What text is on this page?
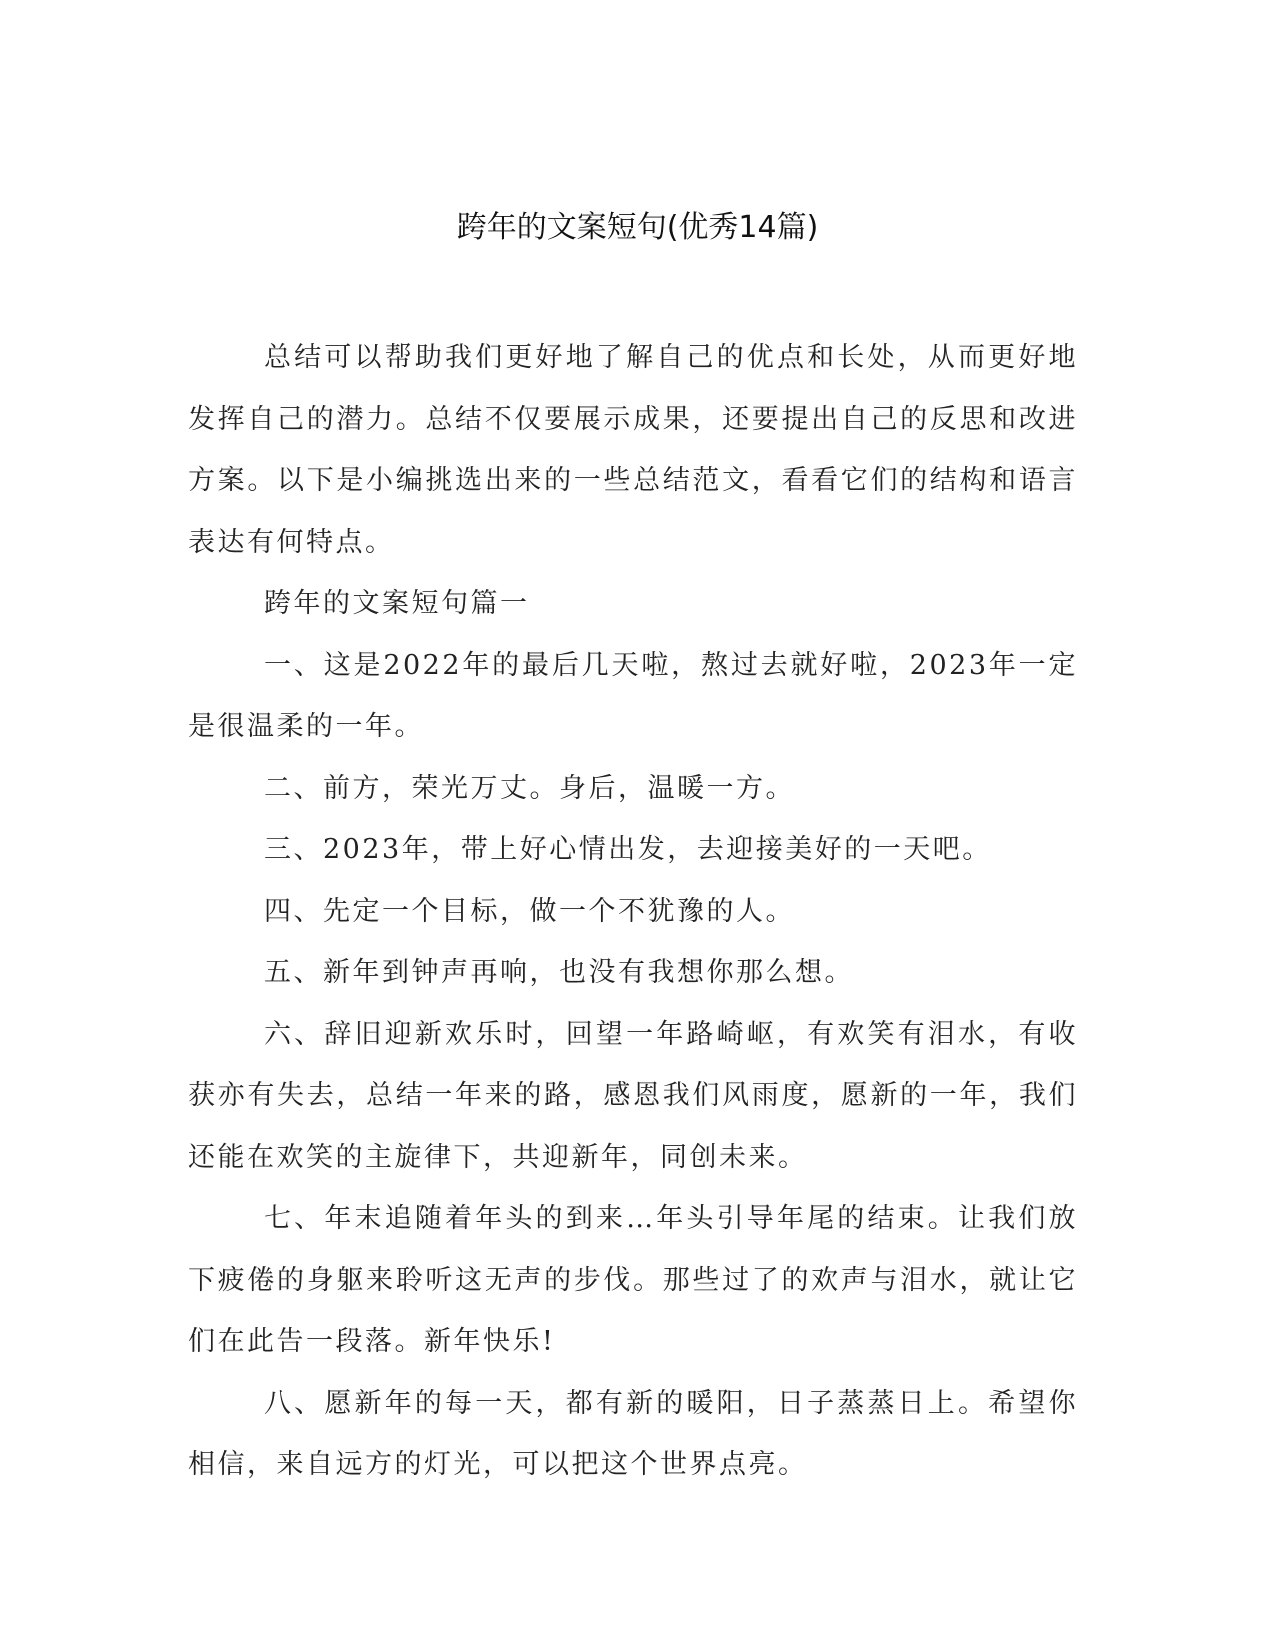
跨年的文案短句(优秀14篇)

总结可以帮助我们更好地了解自己的优点和长处，从而更好地发挥自己的潜力。总结不仅要展示成果，还要提出自己的反思和改进方案。以下是小编挑选出来的一些总结范文，看看它们的结构和语言表达有何特点。

跨年的文案短句篇一

一、这是2022年的最后几天啦，熬过去就好啦，2023年一定是很温柔的一年。

二、前方，荣光万丈。身后，温暖一方。

三、2023年，带上好心情出发，去迎接美好的一天吧。

四、先定一个目标，做一个不犹豫的人。

五、新年到钟声再响，也没有我想你那么想。

六、辞旧迎新欢乐时，回望一年路崎岖，有欢笑有泪水，有收获亦有失去，总结一年来的路，感恩我们风雨度，愿新的一年，我们还能在欢笑的主旋律下，共迎新年，同创未来。

七、年末追随着年头的到来…年头引导年尾的结束。让我们放下疲倦的身躯来聆听这无声的步伐。那些过了的欢声与泪水，就让它们在此告一段落。新年快乐!

八、愿新年的每一天，都有新的暖阳，日子蒸蒸日上。希望你相信，来自远方的灯光，可以把这个世界点亮。
